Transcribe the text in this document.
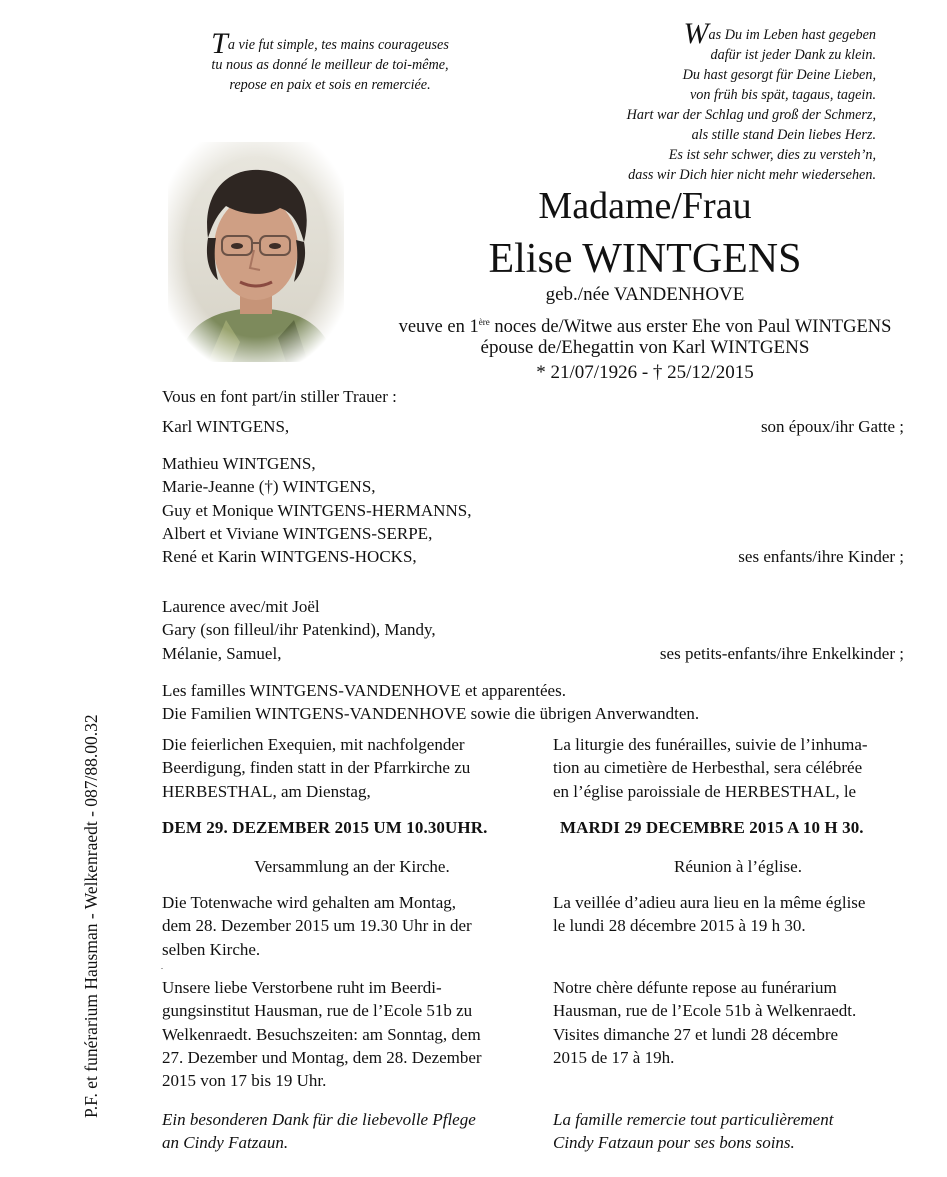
Ta vie fut simple, tes mains courageuses
tu nous as donné le meilleur de toi-même,
repose en paix et sois en remerciée.
Was Du im Leben hast gegeben
dafür ist jeder Dank zu klein.
Du hast gesorgt für Deine Lieben,
von früh bis spät, tagaus, tagein.
Hart war der Schlag und groß der Schmerz,
als stille stand Dein liebes Herz.
Es ist sehr schwer, dies zu versteh’n,
dass wir Dich hier nicht mehr wiedersehen.
Madame/Frau
Elise WINTGENS
geb./née VANDENHOVE
veuve en 1ère noces de/Witwe aus erster Ehe von Paul WINTGENS
épouse de/Ehegattin von Karl WINTGENS
* 21/07/1926 - † 25/12/2015
Vous en font part/in stiller Trauer :
Karl WINTGENS,	son époux/ihr Gatte ;
Mathieu WINTGENS,
Marie-Jeanne (†) WINTGENS,
Guy et Monique WINTGENS-HERMANNS,
Albert et Viviane WINTGENS-SERPE,
René et Karin WINTGENS-HOCKS,	ses enfants/ihre Kinder ;
Laurence avec/mit Joël
Gary (son filleul/ihr Patenkind), Mandy,
Mélanie, Samuel,	ses petits-enfants/ihre Enkelkinder ;
Les familles WINTGENS-VANDENHOVE et apparentées.
Die Familien WINTGENS-VANDENHOVE sowie die übrigen Anverwandten.
Die feierlichen Exequien, mit nachfolgender
Beerdigung, finden statt in der Pfarrkirche zu
HERBESTHAL, am Dienstag,
La liturgie des funérailles, suivie de l’inhuma-
tion au cimetière de Herbesthal, sera célébrée
en l’église paroissiale de HERBESTHAL, le
DEM 29. DEZEMBER 2015 UM 10.30UHR.	MARDI 29 DECEMBRE 2015 A 10 H 30.
Versammlung an der Kirche.	Réunion à l’église.
Die Totenwache wird gehalten am Montag,
dem 28. Dezember 2015 um 19.30 Uhr in der
selben Kirche.
La veillée d’adieu aura lieu en la même église
le lundi 28 décembre 2015 à 19 h 30.
.
Unsere liebe Verstorbene ruht im Beerdi-
gungsinstitut Hausman, rue de l’Ecole 51b zu
Welkenraedt. Besuchszeiten: am Sonntag, dem
27. Dezember und Montag, dem 28. Dezember
2015 von 17 bis 19 Uhr.
Notre chère défunte repose au funérarium
Hausman, rue de l’Ecole 51b à Welkenraedt.
Visites dimanche 27 et lundi 28 décembre
2015 de 17 à 19h.
Ein besonderen Dank für die liebevolle Pflege
an Cindy Fatzaun.
La famille remercie tout particulièrement
Cindy Fatzaun pour ses bons soins.
P.F. et funérarium Hausman - Welkenraedt - 087/88.00.32
